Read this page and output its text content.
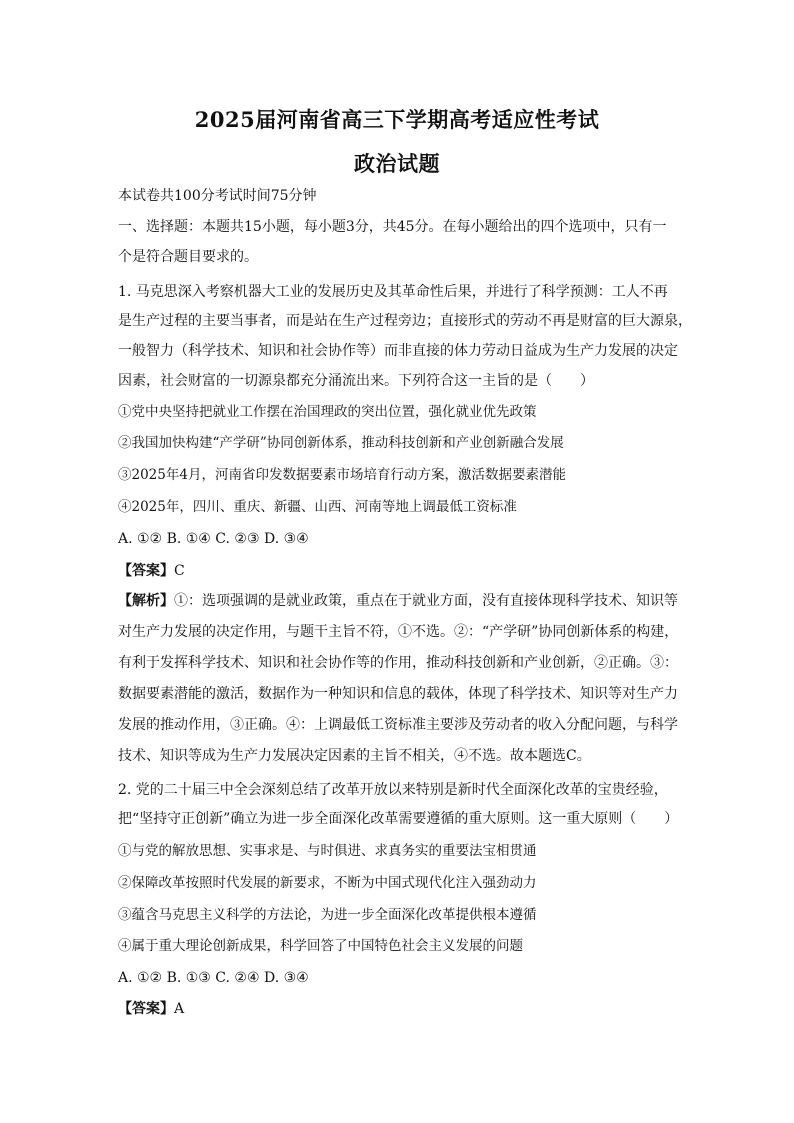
2025届河南省高三下学期高考适应性考试
政治试题
本试卷共100分考试时间75分钟
一、选择题：本题共15小题，每小题3分，共45分。在每小题给出的四个选项中，只有一
个是符合题目要求的。
1. 马克思深入考察机器大工业的发展历史及其革命性后果，并进行了科学预测：工人不再
是生产过程的主要当事者，而是站在生产过程旁边；直接形式的劳动不再是财富的巨大源泉，
一般智力（科学技术、知识和社会协作等）而非直接的体力劳动日益成为生产力发展的决定
因素，社会财富的一切源泉都充分涌流出来。下列符合这一主旨的是（　　）
①党中央坚持把就业工作摆在治国理政的突出位置，强化就业优先政策
②我国加快构建“产学研”协同创新体系，推动科技创新和产业创新融合发展
③2025年4月，河南省印发数据要素市场培育行动方案，激活数据要素潜能
④2025年，四川、重庆、新疆、山西、河南等地上调最低工资标准
A. ①② B. ①④ C. ②③ D. ③④
【答案】C
【解析】①：选项强调的是就业政策，重点在于就业方面，没有直接体现科学技术、知识等
对生产力发展的决定作用，与题干主旨不符，①不选。②：“产学研”协同创新体系的构建，
有利于发挥科学技术、知识和社会协作等的作用，推动科技创新和产业创新，②正确。③：
数据要素潜能的激活，数据作为一种知识和信息的载体，体现了科学技术、知识等对生产力
发展的推动作用，③正确。④：上调最低工资标准主要涉及劳动者的收入分配问题，与科学
技术、知识等成为生产力发展决定因素的主旨不相关，④不选。故本题选C。
2. 党的二十届三中全会深刻总结了改革开放以来特别是新时代全面深化改革的宝贵经验，
把“坚持守正创新”确立为进一步全面深化改革需要遵循的重大原则。这一重大原则（　　）
①与党的解放思想、实事求是、与时俱进、求真务实的重要法宝相贯通
②保障改革按照时代发展的新要求，不断为中国式现代化注入强劲动力
③蕴含马克思主义科学的方法论，为进一步全面深化改革提供根本遵循
④属于重大理论创新成果，科学回答了中国特色社会主义发展的问题
A. ①② B. ①③ C. ②④ D. ③④
【答案】A
